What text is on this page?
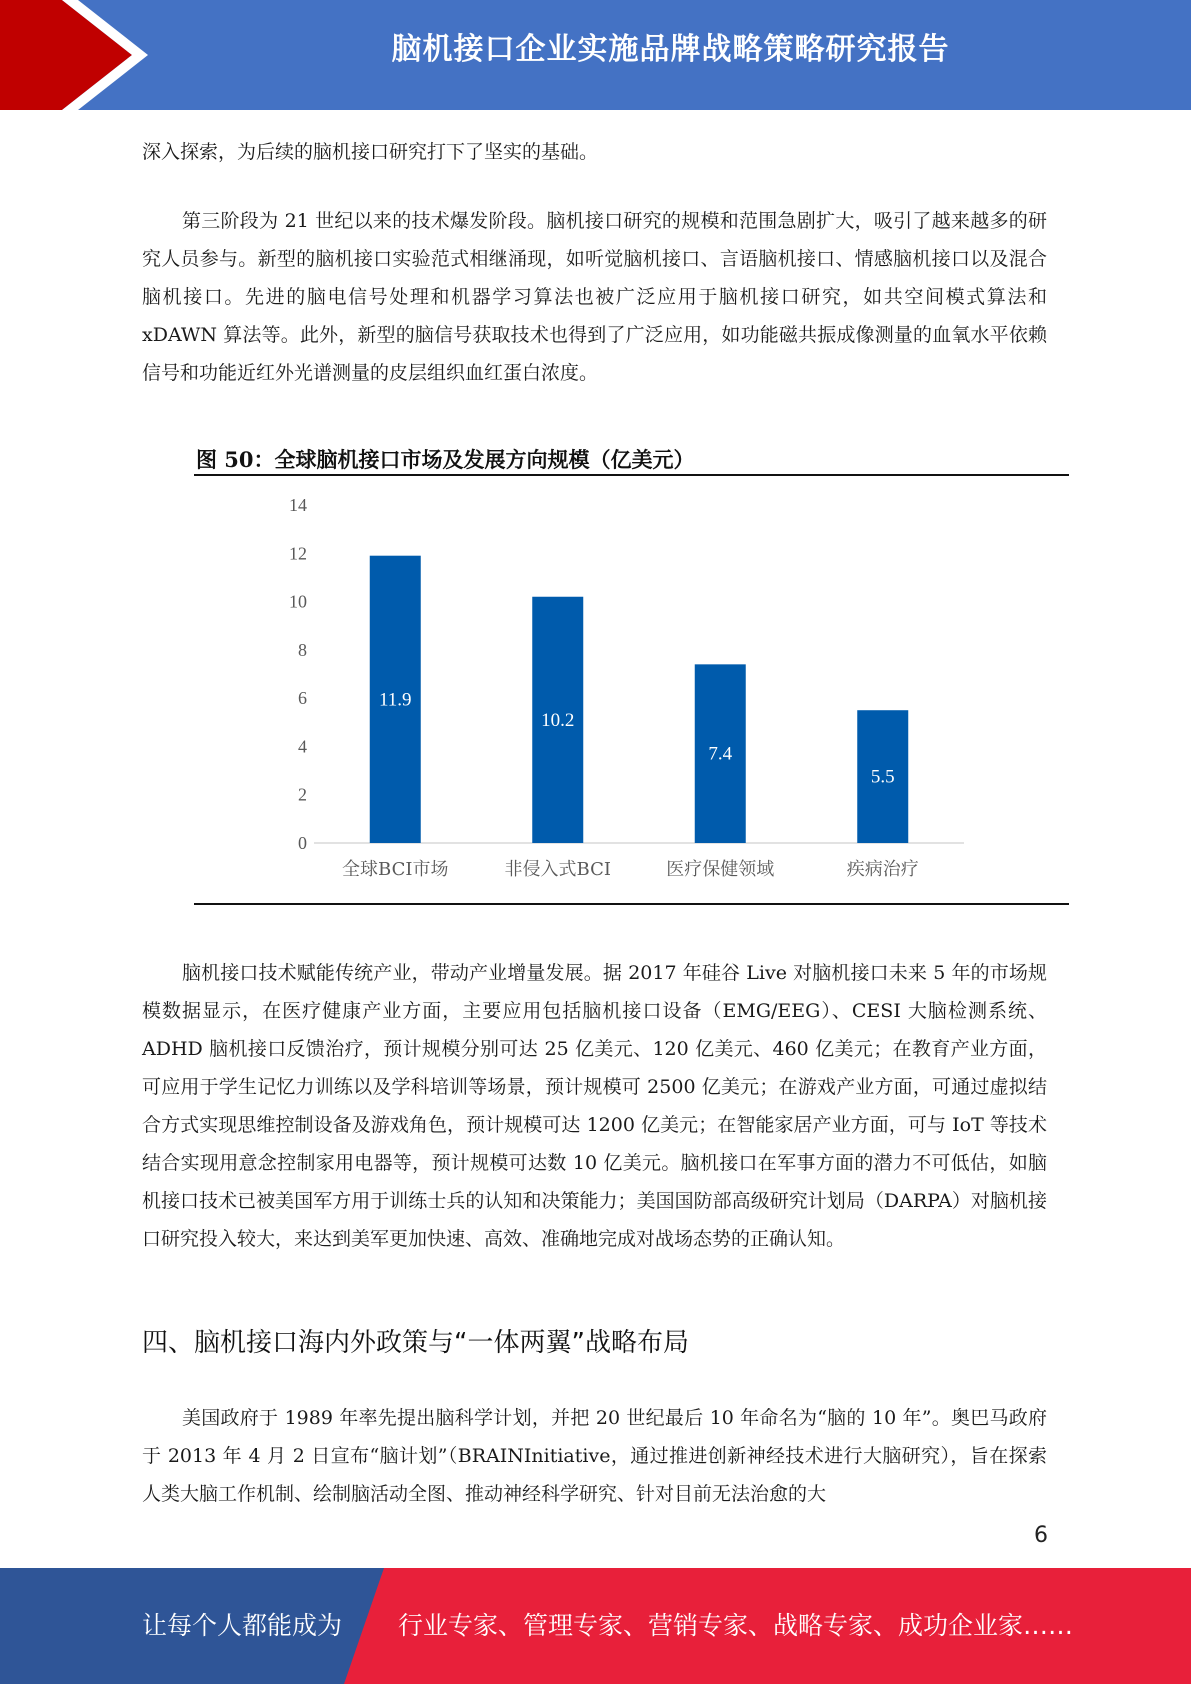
脑机接口企业实施品牌战略策略研究报告

深入探索，为后续的脑机接口研究打下了坚实的基础。

第三阶段为 21 世纪以来的技术爆发阶段。脑机接口研究的规模和范围急剧扩大，吸引了越来越多的研究人员参与。新型的脑机接口实验范式相继涌现，如听觉脑机接口、言语脑机接口、情感脑机接口以及混合脑机接口。先进的脑电信号处理和机器学习算法也被广泛应用于脑机接口研究，如共空间模式算法和 xDAWN 算法等。此外，新型的脑信号获取技术也得到了广泛应用，如功能磁共振成像测量的血氧水平依赖信号和功能近红外光谱测量的皮层组织血红蛋白浓度。

图 50：全球脑机接口市场及发展方向规模（亿美元）
0
2
4
6
8
10
12
14
11.9
全球BCI市场
10.2
非侵入式BCI
7.4
医疗保健领域
5.5
疾病治疗

脑机接口技术赋能传统产业，带动产业增量发展。据 2017 年硅谷 Live 对脑机接口未来 5 年的市场规模数据显示，在医疗健康产业方面，主要应用包括脑机接口设备（EMG/EEG）、CESI 大脑检测系统、ADHD 脑机接口反馈治疗，预计规模分别可达 25 亿美元、120 亿美元、460 亿美元；在教育产业方面，可应用于学生记忆力训练以及学科培训等场景，预计规模可 2500 亿美元；在游戏产业方面，可通过虚拟结合方式实现思维控制设备及游戏角色，预计规模可达 1200 亿美元；在智能家居产业方面，可与 IoT 等技术结合实现用意念控制家用电器等，预计规模可达数 10 亿美元。脑机接口在军事方面的潜力不可低估，如脑机接口技术已被美国军方用于训练士兵的认知和决策能力；美国国防部高级研究计划局（DARPA）对脑机接口研究投入较大，来达到美军更加快速、高效、准确地完成对战场态势的正确认知。

四、脑机接口海内外政策与“一体两翼”战略布局

美国政府于 1989 年率先提出脑科学计划，并把 20 世纪最后 10 年命名为“脑的 10 年”。奥巴马政府于 2013 年 4 月 2 日宣布“脑计划”（BRAINInitiative，通过推进创新神经技术进行大脑研究），旨在探索人类大脑工作机制、绘制脑活动全图、推动神经科学研究、针对目前无法治愈的大

6
让每个人都能成为 行业专家、管理专家、营销专家、战略专家、成功企业家……
